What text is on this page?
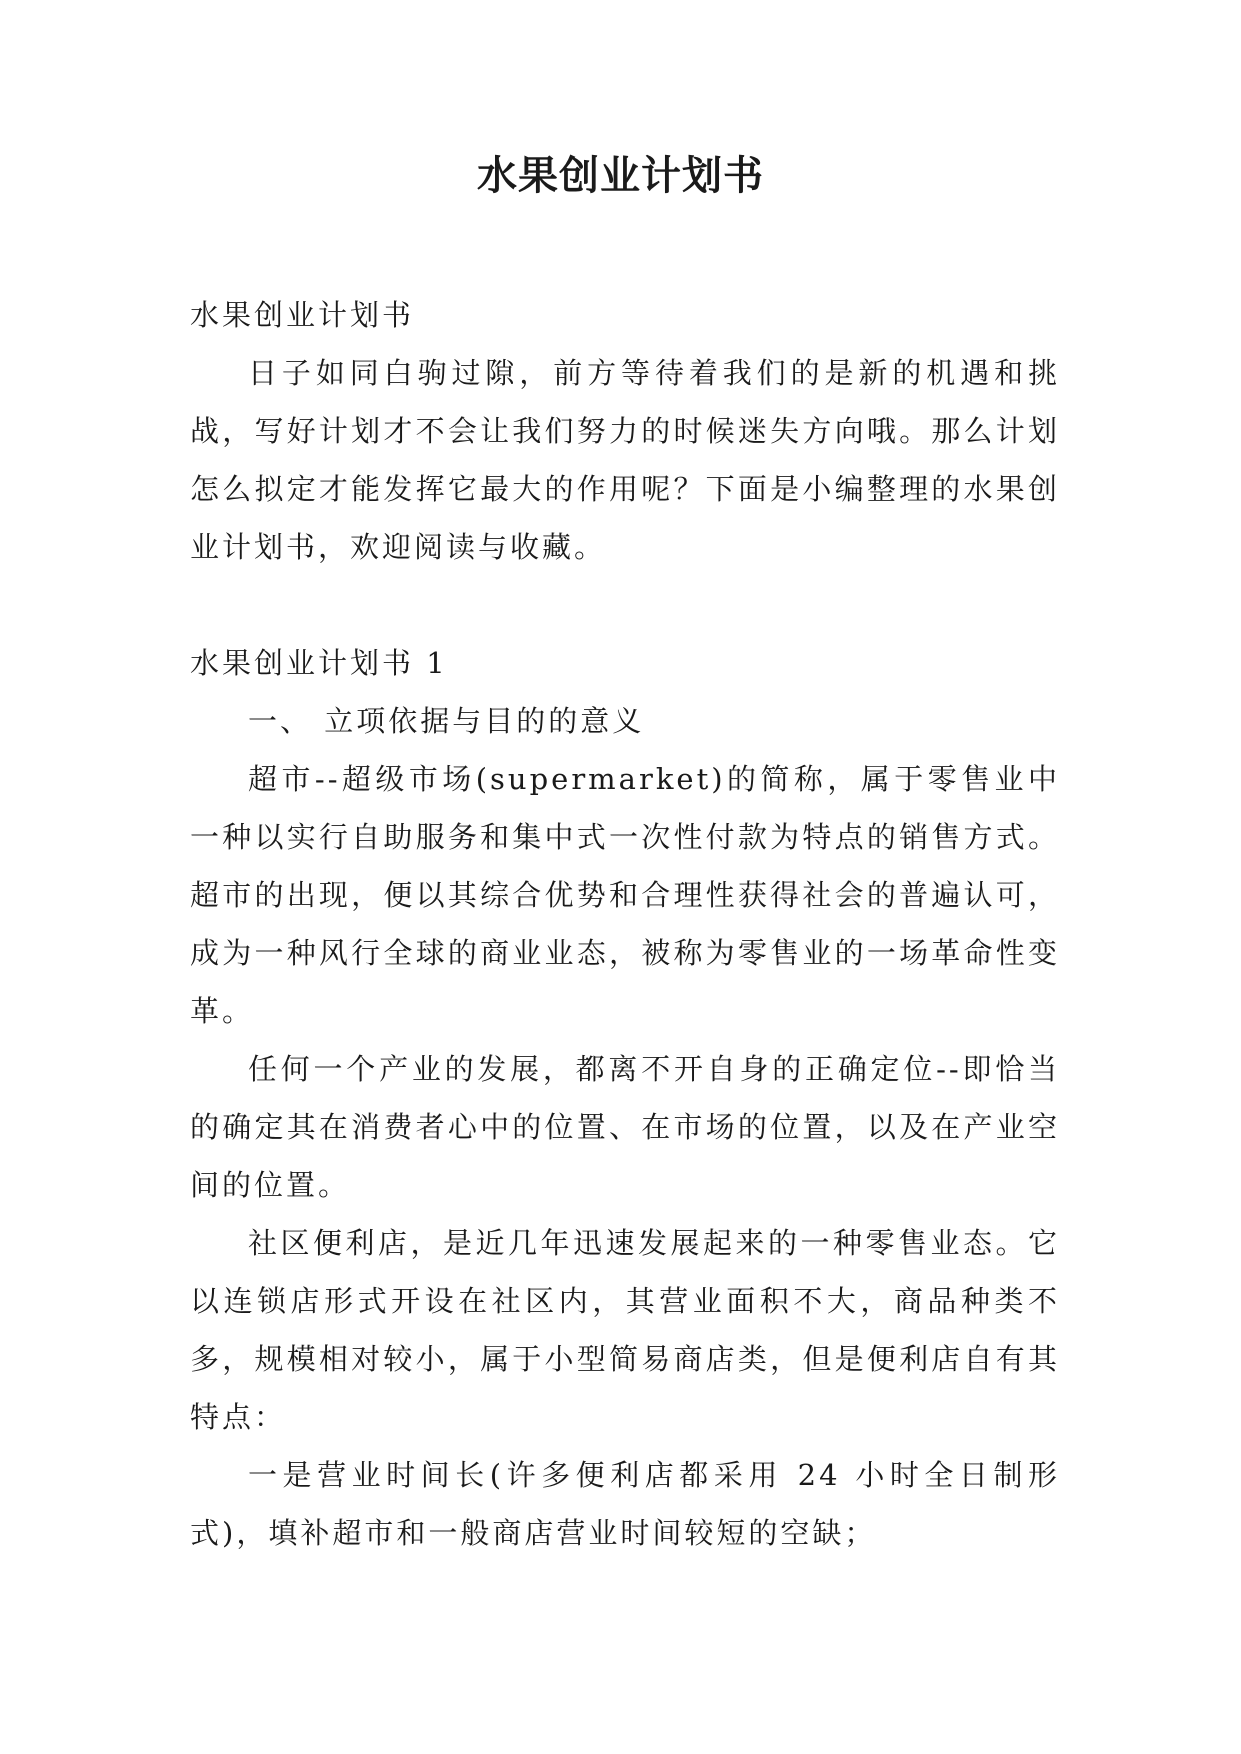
水果创业计划书

水果创业计划书

日子如同白驹过隙，前方等待着我们的是新的机遇和挑战，写好计划才不会让我们努力的时候迷失方向哦。那么计划怎么拟定才能发挥它最大的作用呢？下面是小编整理的水果创业计划书，欢迎阅读与收藏。

水果创业计划书 1

一、 立项依据与目的的意义

超市--超级市场(supermarket)的简称，属于零售业中一种以实行自助服务和集中式一次性付款为特点的销售方式。超市的出现，便以其综合优势和合理性获得社会的普遍认可，成为一种风行全球的商业业态，被称为零售业的一场革命性变革。

任何一个产业的发展，都离不开自身的正确定位--即恰当的确定其在消费者心中的位置、在市场的位置，以及在产业空间的位置。

社区便利店，是近几年迅速发展起来的一种零售业态。它以连锁店形式开设在社区内，其营业面积不大，商品种类不多，规模相对较小，属于小型简易商店类，但是便利店自有其特点：

一是营业时间长(许多便利店都采用 24 小时全日制形式)，填补超市和一般商店营业时间较短的空缺；
